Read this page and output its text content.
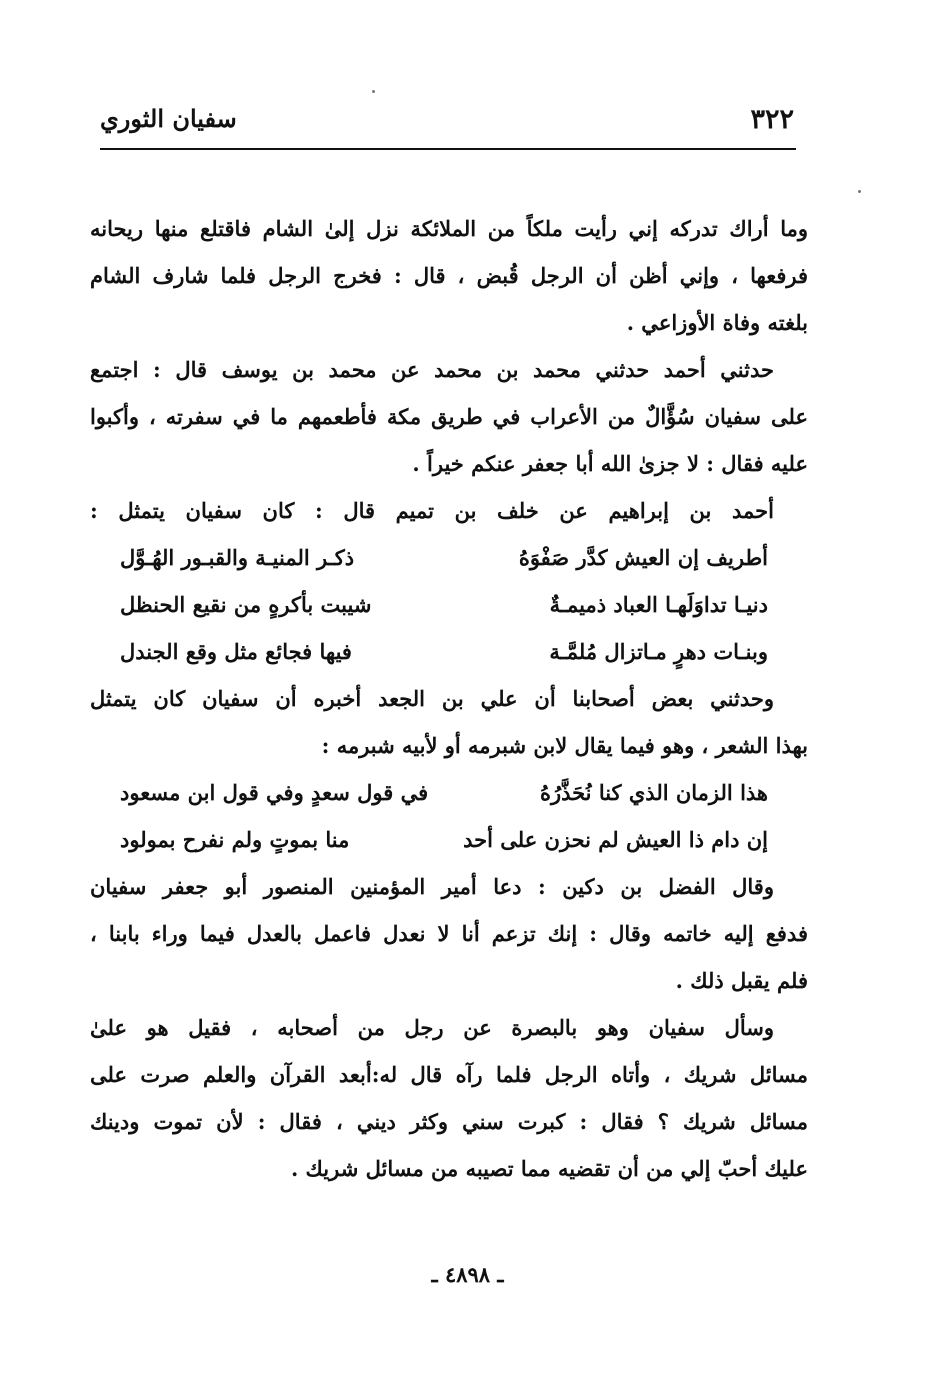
٣٢٢
سفيان الثوري
وما أراك تدركه إني رأيت ملكاً من الملائكة نزل إلىٰ الشام فاقتلع منها ريحانه
فرفعها ، وإني أظن أن الرجل قُبض ، قال : فخرج الرجل فلما شارف الشام
بلغته وفاة الأوزاعي .
حدثني أحمد حدثني محمد بن محمد عن محمد بن يوسف قال : اجتمع
على سفيان سُؤَّالٌ من الأعراب في طريق مكة فأطعمهم ما في سفرته ، وأكبوا
عليه فقال : لا جزىٰ الله أبا جعفر عنكم خيراً .
أحمد بن إبراهيم عن خلف بن تميم قال : كان سفيان يتمثل :
أطريف إن العيش كدَّر صَفْوَهُ
ذكـر المنيـة والقبـور الهُـوَّل
دنيـا تداوَلَهـا العباد ذميمـةٌ
شيبت بأكرهٍ من نقيع الحنظل
وبنـات دهرٍ مـاتزال مُلمَّـة
فيها فجائع مثل وقع الجندل
وحدثني بعض أصحابنا أن علي بن الجعد أخبره أن سفيان كان يتمثل
بهذا الشعر ، وهو فيما يقال لابن شبرمه أو لأبيه شبرمه :
هذا الزمان الذي كنا نُحَذَّرُهُ
في قول سعدٍ وفي قول ابن مسعود
إن دام ذا العيش لم نحزن على أحد
منا بموتٍ ولم نفرح بمولود
وقال الفضل بن دكين : دعا أمير المؤمنين المنصور أبو جعفر سفيان
فدفع إليه خاتمه وقال : إنك تزعم أنا لا نعدل فاعمل بالعدل فيما وراء بابنا ،
فلم يقبل ذلك .
وسأل سفيان وهو بالبصرة عن رجل من أصحابه ، فقيل هو علىٰ
مسائل شريك ، وأتاه الرجل فلما رآه قال له:أبعد القرآن والعلم صرت على
مسائل شريك ؟ فقال : كبرت سني وكثر ديني ، فقال : لأن تموت ودينك
عليك أحبّ إلي من أن تقضيه مما تصيبه من مسائل شريك .
ـ ٤٨٩٨ ـ
